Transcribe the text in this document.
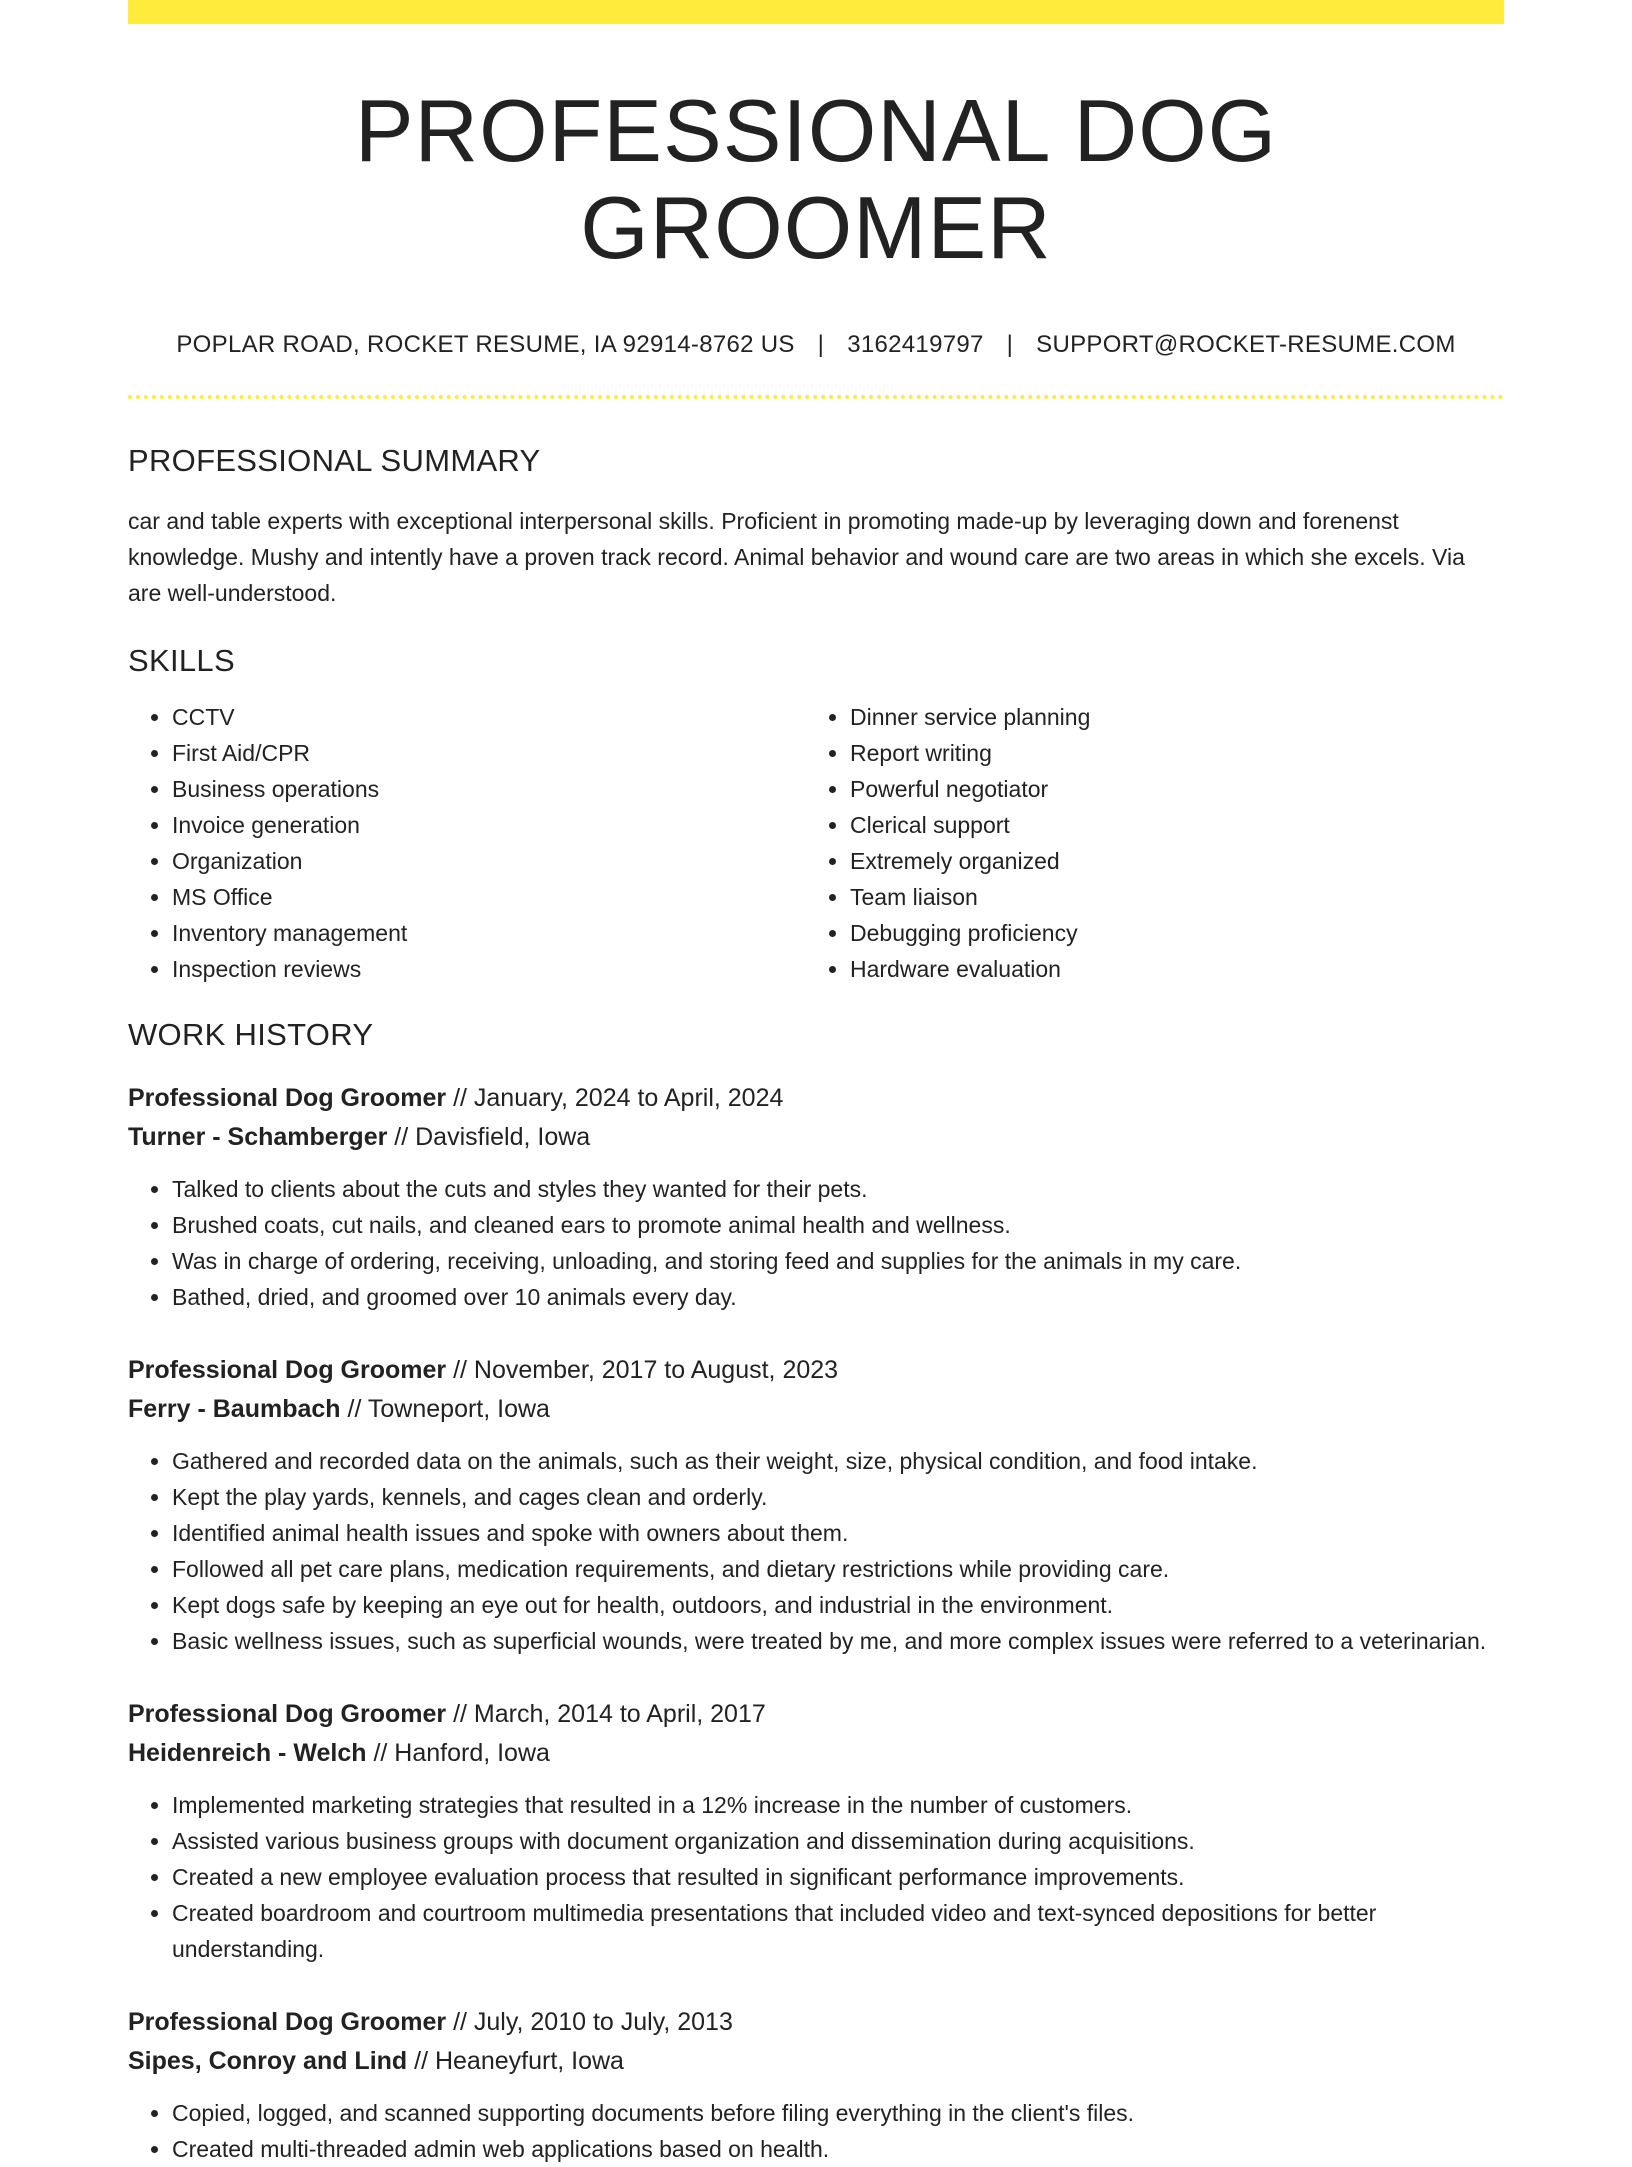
PROFESSIONAL DOG GROOMER
POPLAR ROAD, ROCKET RESUME, IA 92914-8762 US | 3162419797 | SUPPORT@ROCKET-RESUME.COM
PROFESSIONAL SUMMARY

car and table experts with exceptional interpersonal skills. Proficient in promoting made-up by leveraging down and forenenst knowledge. Mushy and intently have a proven track record. Animal behavior and wound care are two areas in which she excels. Via are well-understood.

SKILLS
• CCTV
• First Aid/CPR
• Business operations
• Invoice generation
• Organization
• MS Office
• Inventory management
• Inspection reviews
• Dinner service planning
• Report writing
• Powerful negotiator
• Clerical support
• Extremely organized
• Team liaison
• Debugging proficiency
• Hardware evaluation
WORK HISTORY
Professional Dog Groomer // January, 2024 to April, 2024
Turner - Schamberger // Davisfield, Iowa
• Talked to clients about the cuts and styles they wanted for their pets.
• Brushed coats, cut nails, and cleaned ears to promote animal health and wellness.
• Was in charge of ordering, receiving, unloading, and storing feed and supplies for the animals in my care.
• Bathed, dried, and groomed over 10 animals every day.
Professional Dog Groomer // November, 2017 to August, 2023
Ferry - Baumbach // Towneport, Iowa
• Gathered and recorded data on the animals, such as their weight, size, physical condition, and food intake.
• Kept the play yards, kennels, and cages clean and orderly.
• Identified animal health issues and spoke with owners about them.
• Followed all pet care plans, medication requirements, and dietary restrictions while providing care.
• Kept dogs safe by keeping an eye out for health, outdoors, and industrial in the environment.
• Basic wellness issues, such as superficial wounds, were treated by me, and more complex issues were referred to a veterinarian.
Professional Dog Groomer // March, 2014 to April, 2017
Heidenreich - Welch // Hanford, Iowa
• Implemented marketing strategies that resulted in a 12% increase in the number of customers.
• Assisted various business groups with document organization and dissemination during acquisitions.
• Created a new employee evaluation process that resulted in significant performance improvements.
• Created boardroom and courtroom multimedia presentations that included video and text-synced depositions for better understanding.
Professional Dog Groomer // July, 2010 to July, 2013
Sipes, Conroy and Lind // Heaneyfurt, Iowa
• Copied, logged, and scanned supporting documents before filing everything in the client's files.
• Created multi-threaded admin web applications based on health.
